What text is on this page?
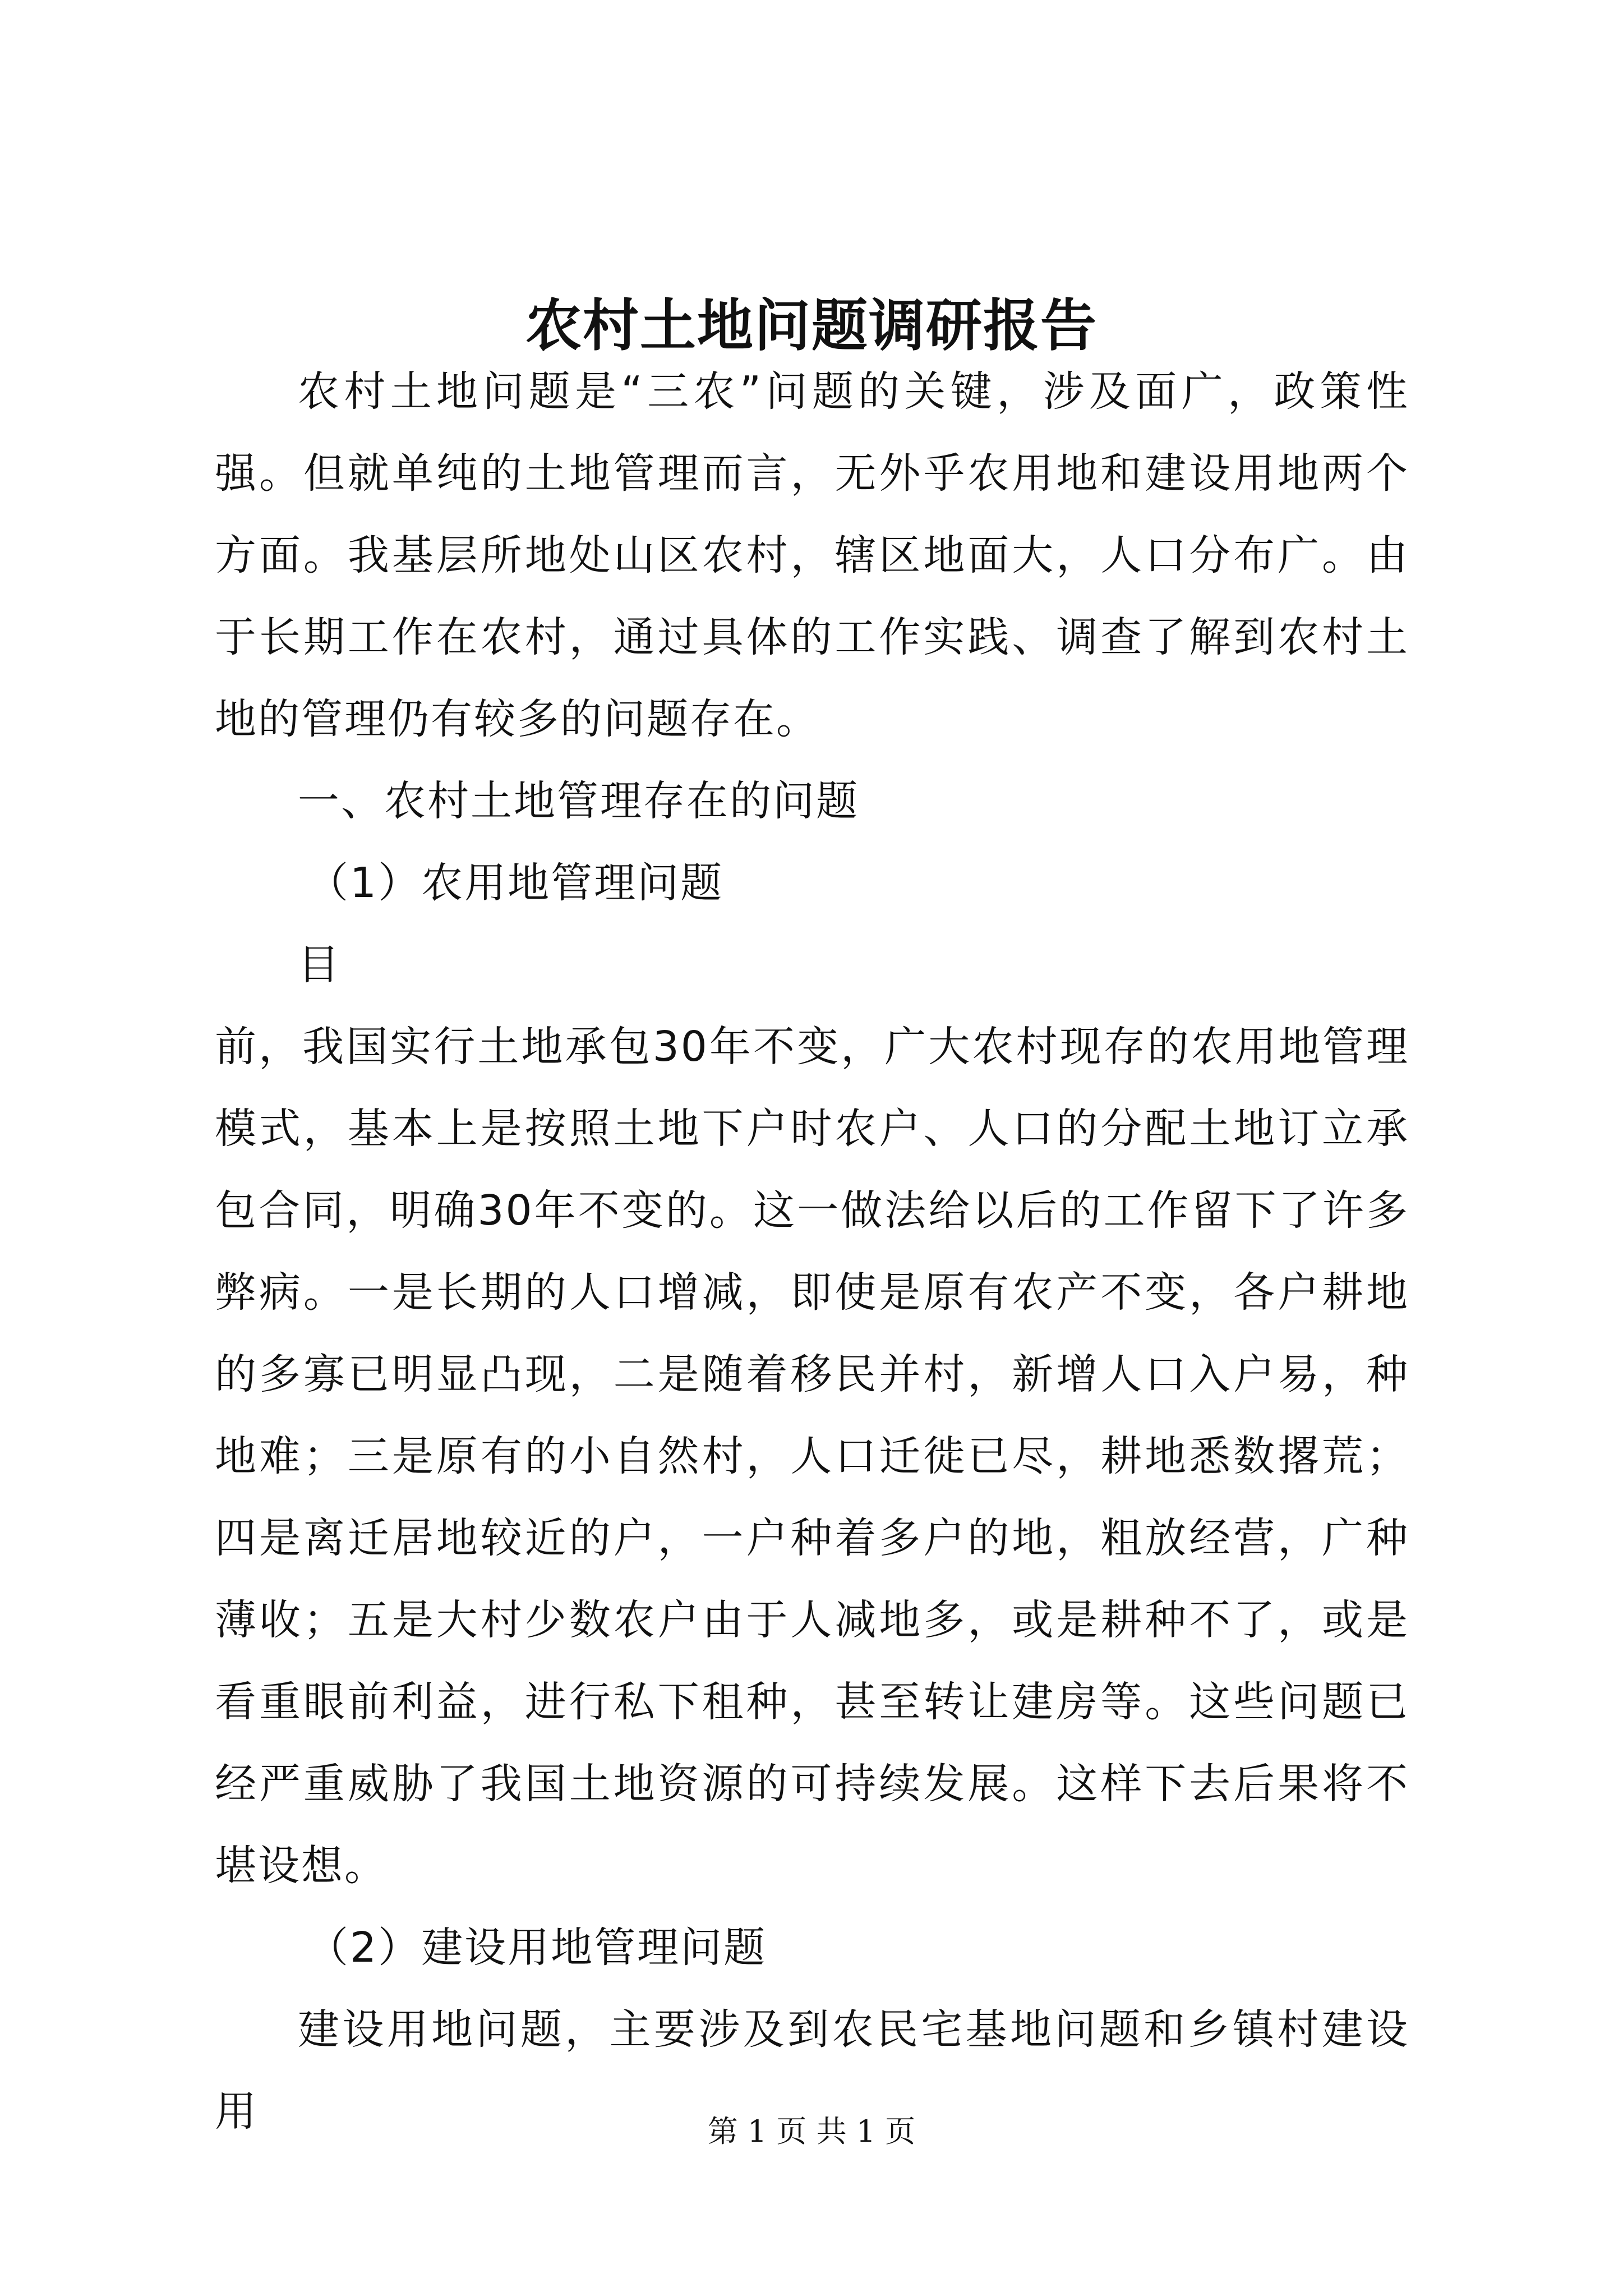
农村土地问题调研报告

农村土地问题是“三农”问题的关键，涉及面广，政策性强。但就单纯的土地管理而言，无外乎农用地和建设用地两个方面。我基层所地处山区农村，辖区地面大，人口分布广。由于长期工作在农村，通过具体的工作实践、调查了解到农村土地的管理仍有较多的问题存在。

一、农村土地管理存在的问题

（1）农用地管理问题

目
前，我国实行土地承包30年不变，广大农村现存的农用地管理模式，基本上是按照土地下户时农户、人口的分配土地订立承包合同，明确30年不变的。这一做法给以后的工作留下了许多弊病。一是长期的人口增减，即使是原有农产不变，各户耕地的多寡已明显凸现，二是随着移民并村，新增人口入户易，种地难；三是原有的小自然村，人口迁徙已尽，耕地悉数撂荒；四是离迁居地较近的户，一户种着多户的地，粗放经营，广种薄收；五是大村少数农户由于人减地多，或是耕种不了，或是看重眼前利益，进行私下租种，甚至转让建房等。这些问题已经严重威胁了我国土地资源的可持续发展。这样下去后果将不堪设想。

（2）建设用地管理问题

建设用地问题，主要涉及到农民宅基地问题和乡镇村建设用	第 1 页 共 1 页
